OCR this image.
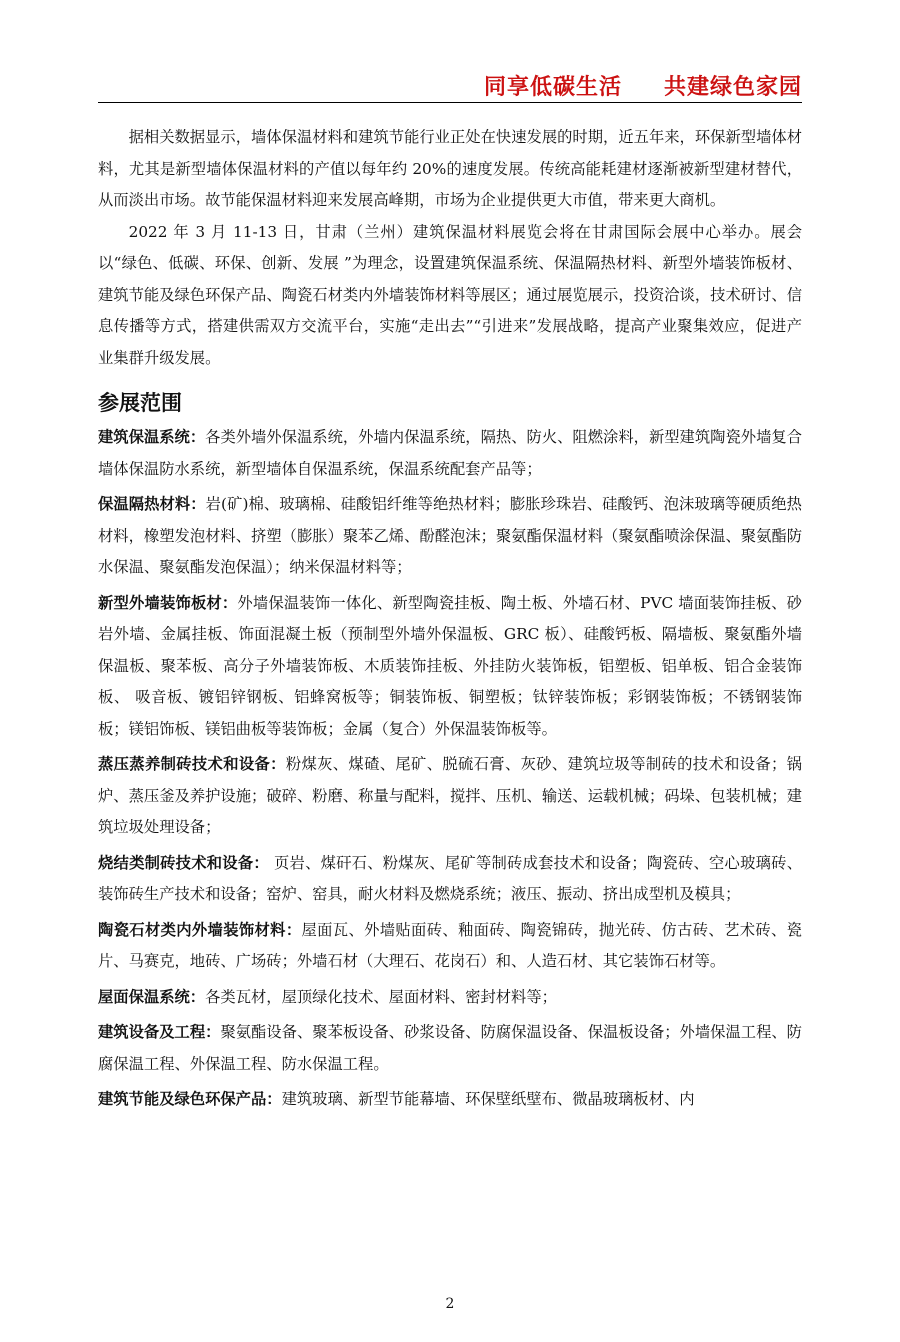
同享低碳生活 共建绿色家园

据相关数据显示，墙体保温材料和建筑节能行业正处在快速发展的时期，近五年来，环保新型墙体材料，尤其是新型墙体保温材料的产值以每年约 20%的速度发展。传统高能耗建材逐渐被新型建材替代，从而淡出市场。故节能保温材料迎来发展高峰期，市场为企业提供更大市值，带来更大商机。

2022 年 3 月 11-13 日，甘肃（兰州）建筑保温材料展览会将在甘肃国际会展中心举办。展会以“绿色、低碳、环保、创新、发展 ”为理念，设置建筑保温系统、保温隔热材料、新型外墙装饰板材、建筑节能及绿色环保产品、陶瓷石材类内外墙装饰材料等展区；通过展览展示，投资洽谈，技术研讨、信息传播等方式，搭建供需双方交流平台，实施“走出去”“引进来”发展战略，提高产业聚集效应，促进产业集群升级发展。

参展范围
建筑保温系统：各类外墙外保温系统，外墙内保温系统，隔热、防火、阻燃涂料，新型建筑陶瓷外墙复合墙体保温防水系统，新型墙体自保温系统，保温系统配套产品等；
保温隔热材料：岩(矿)棉、玻璃棉、硅酸铝纤维等绝热材料；膨胀珍珠岩、硅酸钙、泡沫玻璃等硬质绝热材料，橡塑发泡材料、挤塑（膨胀）聚苯乙烯、酚醛泡沫；聚氨酯保温材料（聚氨酯喷涂保温、聚氨酯防水保温、聚氨酯发泡保温）；纳米保温材料等；
新型外墙装饰板材：外墙保温装饰一体化、新型陶瓷挂板、陶土板、外墙石材、PVC 墙面装饰挂板、砂岩外墙、金属挂板、饰面混凝土板（预制型外墙外保温板、GRC 板）、硅酸钙板、隔墙板、聚氨酯外墙保温板、聚苯板、高分子外墙装饰板、木质装饰挂板、外挂防火装饰板，铝塑板、铝单板、铝合金装饰板、 吸音板、镀铝锌钢板、铝蜂窝板等；铜装饰板、铜塑板；钛锌装饰板；彩钢装饰板；不锈钢装饰板；镁铝饰板、镁铝曲板等装饰板；金属（复合）外保温装饰板等。
蒸压蒸养制砖技术和设备：粉煤灰、煤碴、尾矿、脱硫石膏、灰砂、建筑垃圾等制砖的技术和设备；锅炉、蒸压釜及养护设施；破碎、粉磨、称量与配料，搅拌、压机、输送、运载机械；码垛、包装机械；建筑垃圾处理设备；
烧结类制砖技术和设备： 页岩、煤矸石、粉煤灰、尾矿等制砖成套技术和设备；陶瓷砖、空心玻璃砖、装饰砖生产技术和设备；窑炉、窑具，耐火材料及燃烧系统；液压、振动、挤出成型机及模具；
陶瓷石材类内外墙装饰材料：屋面瓦、外墙贴面砖、釉面砖、陶瓷锦砖，抛光砖、仿古砖、艺术砖、瓷片、马赛克，地砖、广场砖；外墙石材（大理石、花岗石）和、人造石材、其它装饰石材等。
屋面保温系统：各类瓦材，屋顶绿化技术、屋面材料、密封材料等；
建筑设备及工程：聚氨酯设备、聚苯板设备、砂浆设备、防腐保温设备、保温板设备；外墙保温工程、防腐保温工程、外保温工程、防水保温工程。
建筑节能及绿色环保产品：建筑玻璃、新型节能幕墙、环保壁纸壁布、微晶玻璃板材、内
2
